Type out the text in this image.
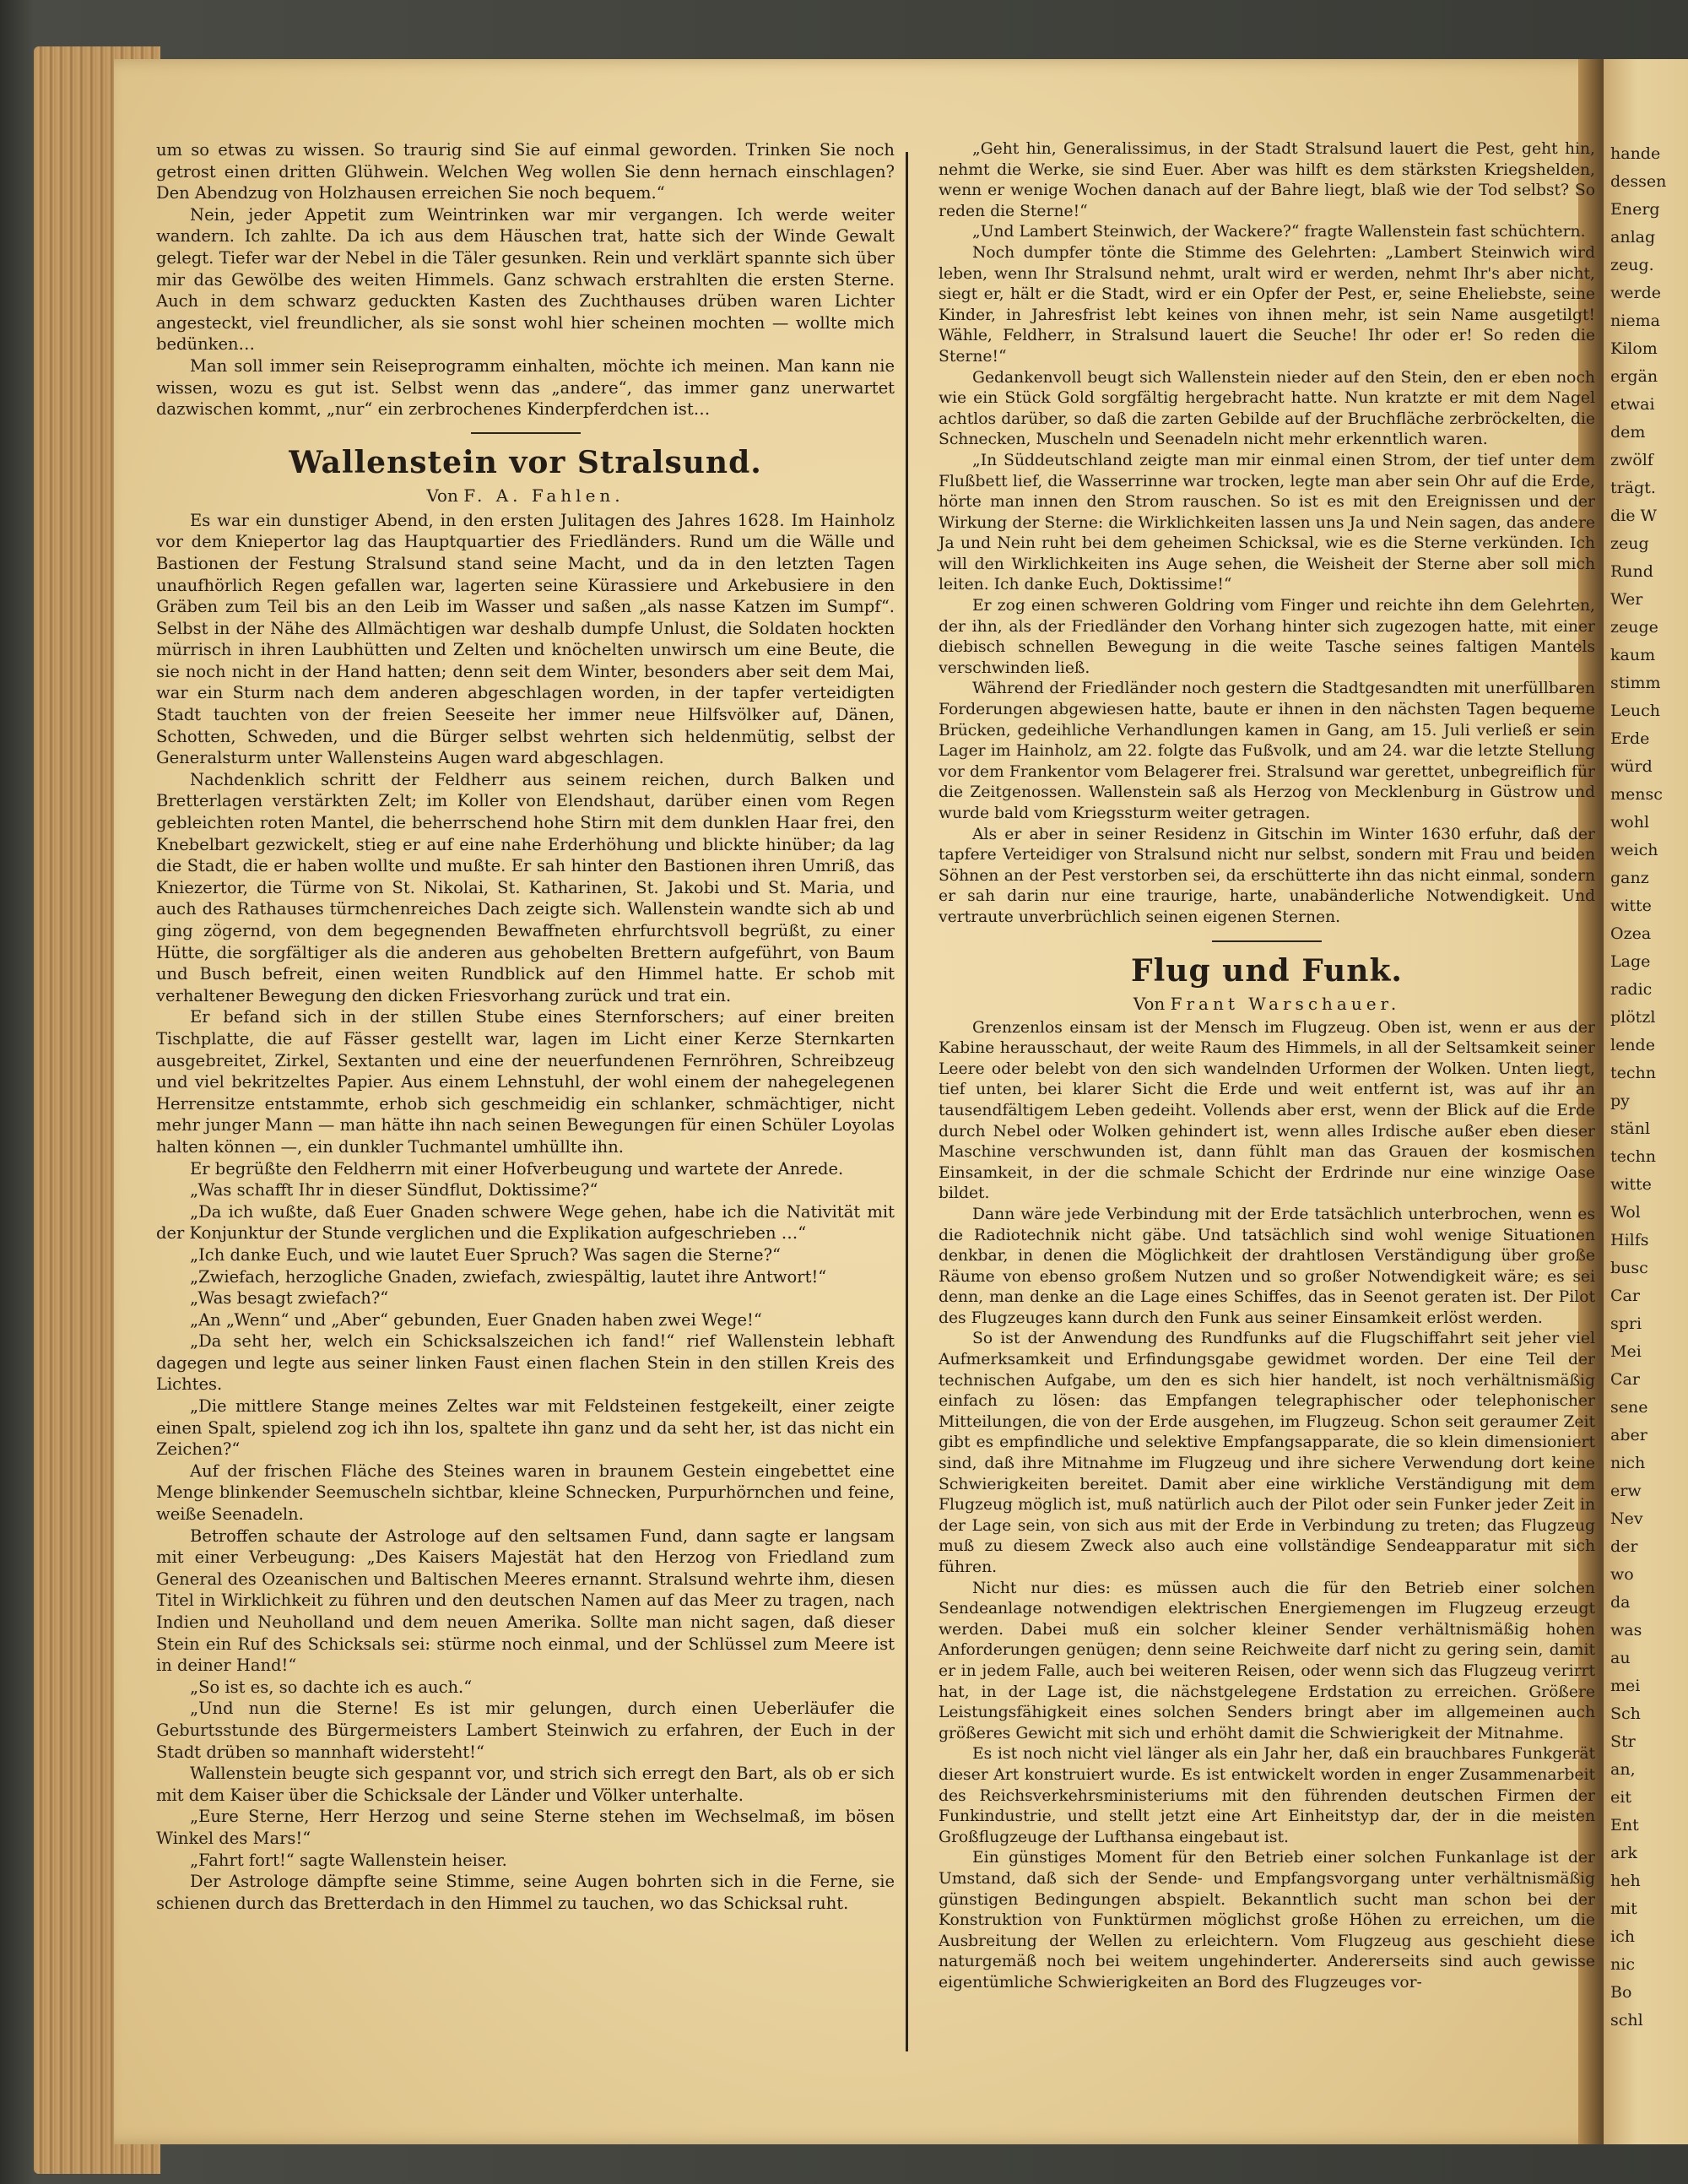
hande
dessen
Energ
anlag
zeug.
werde
niema
Kilom
ergän
etwai
dem
zwölf
trägt.
die W
zeug
Rund
Wer
zeuge
kaum
stimm
Leuch
Erde
würd
mensc
wohl
weich
ganz
witte
Ozea
Lage
radic
plötzl
lende
techn
py
stänl
techn
witte
Wol
Hilfs
busc
Car
spri
Mei
Car
sene
aber
nich
erw
Nev
der
wo
da
was
au
mei
Sch
Str
an,
eit
Ent
ark
heh
mit
ich
nic
Bo
schl

um so etwas zu wissen. So traurig sind Sie auf einmal geworden. Trinken Sie noch getrost einen dritten Glühwein. Welchen Weg wollen Sie denn hernach einschlagen? Den Abendzug von Holzhausen erreichen Sie noch bequem.“

Nein, jeder Appetit zum Weintrinken war mir vergangen. Ich werde weiter wandern. Ich zahlte. Da ich aus dem Häuschen trat, hatte sich der Winde Gewalt gelegt. Tiefer war der Nebel in die Täler gesunken. Rein und verklärt spannte sich über mir das Gewölbe des weiten Himmels. Ganz schwach erstrahlten die ersten Sterne. Auch in dem schwarz geduckten Kasten des Zuchthauses drüben waren Lichter angesteckt, viel freundlicher, als sie sonst wohl hier scheinen mochten — wollte mich bedünken…

Man soll immer sein Reiseprogramm einhalten, möchte ich meinen. Man kann nie wissen, wozu es gut ist. Selbst wenn das „andere“, das immer ganz unerwartet dazwischen kommt, „nur“ ein zerbrochenes Kinderpferdchen ist…

Wallenstein vor Stralsund.
Von F. A. Fahlen.

Es war ein dunstiger Abend, in den ersten Julitagen des Jahres 1628. Im Hainholz vor dem Kniepertor lag das Hauptquartier des Friedländers. Rund um die Wälle und Bastionen der Festung Stralsund stand seine Macht, und da in den letzten Tagen unaufhörlich Regen gefallen war, lagerten seine Kürassiere und Arkebusiere in den Gräben zum Teil bis an den Leib im Wasser und saßen „als nasse Katzen im Sumpf“. Selbst in der Nähe des Allmächtigen war deshalb dumpfe Unlust, die Soldaten hockten mürrisch in ihren Laubhütten und Zelten und knöchelten unwirsch um eine Beute, die sie noch nicht in der Hand hatten; denn seit dem Winter, besonders aber seit dem Mai, war ein Sturm nach dem anderen abgeschlagen worden, in der tapfer verteidigten Stadt tauchten von der freien Seeseite her immer neue Hilfsvölker auf, Dänen, Schotten, Schweden, und die Bürger selbst wehrten sich heldenmütig, selbst der Generalsturm unter Wallensteins Augen ward abgeschlagen.

Nachdenklich schritt der Feldherr aus seinem reichen, durch Balken und Bretterlagen verstärkten Zelt; im Koller von Elendshaut, darüber einen vom Regen gebleichten roten Mantel, die beherrschend hohe Stirn mit dem dunklen Haar frei, den Knebelbart gezwickelt, stieg er auf eine nahe Erderhöhung und blickte hinüber; da lag die Stadt, die er haben wollte und mußte. Er sah hinter den Bastionen ihren Umriß, das Kniezertor, die Türme von St. Nikolai, St. Katharinen, St. Jakobi und St. Maria, und auch des Rathauses türmchenreiches Dach zeigte sich. Wallenstein wandte sich ab und ging zögernd, von dem begegnenden Bewaffneten ehrfurchtsvoll begrüßt, zu einer Hütte, die sorgfältiger als die anderen aus gehobelten Brettern aufgeführt, von Baum und Busch befreit, einen weiten Rundblick auf den Himmel hatte. Er schob mit verhaltener Bewegung den dicken Friesvorhang zurück und trat ein.

Er befand sich in der stillen Stube eines Sternforschers; auf einer breiten Tischplatte, die auf Fässer gestellt war, lagen im Licht einer Kerze Sternkarten ausgebreitet, Zirkel, Sextanten und eine der neuerfundenen Fernröhren, Schreibzeug und viel bekritzeltes Papier. Aus einem Lehnstuhl, der wohl einem der nahegelegenen Herrensitze entstammte, erhob sich geschmeidig ein schlanker, schmächtiger, nicht mehr junger Mann — man hätte ihn nach seinen Bewegungen für einen Schüler Loyolas halten können —, ein dunkler Tuchmantel umhüllte ihn.

Er begrüßte den Feldherrn mit einer Hofverbeugung und wartete der Anrede.

„Was schafft Ihr in dieser Sündflut, Doktissime?“

„Da ich wußte, daß Euer Gnaden schwere Wege gehen, habe ich die Nativität mit der Konjunktur der Stunde verglichen und die Explikation aufgeschrieben …“

„Ich danke Euch, und wie lautet Euer Spruch? Was sagen die Sterne?“

„Zwiefach, herzogliche Gnaden, zwiefach, zwiespältig, lautet ihre Antwort!“

„Was besagt zwiefach?“

„An „Wenn“ und „Aber“ gebunden, Euer Gnaden haben zwei Wege!“

„Da seht her, welch ein Schicksalszeichen ich fand!“ rief Wallenstein lebhaft dagegen und legte aus seiner linken Faust einen flachen Stein in den stillen Kreis des Lichtes.

„Die mittlere Stange meines Zeltes war mit Feldsteinen festgekeilt, einer zeigte einen Spalt, spielend zog ich ihn los, spaltete ihn ganz und da seht her, ist das nicht ein Zeichen?“

Auf der frischen Fläche des Steines waren in braunem Gestein eingebettet eine Menge blinkender Seemuscheln sichtbar, kleine Schnecken, Purpurhörnchen und feine, weiße Seenadeln.

Betroffen schaute der Astrologe auf den seltsamen Fund, dann sagte er langsam mit einer Verbeugung: „Des Kaisers Majestät hat den Herzog von Friedland zum General des Ozeanischen und Baltischen Meeres ernannt. Stralsund wehrte ihm, diesen Titel in Wirklichkeit zu führen und den deutschen Namen auf das Meer zu tragen, nach Indien und Neuholland und dem neuen Amerika. Sollte man nicht sagen, daß dieser Stein ein Ruf des Schicksals sei: stürme noch einmal, und der Schlüssel zum Meere ist in deiner Hand!“

„So ist es, so dachte ich es auch.“

„Und nun die Sterne! Es ist mir gelungen, durch einen Ueberläufer die Geburtsstunde des Bürgermeisters Lambert Steinwich zu erfahren, der Euch in der Stadt drüben so mannhaft widersteht!“

Wallenstein beugte sich gespannt vor, und strich sich erregt den Bart, als ob er sich mit dem Kaiser über die Schicksale der Länder und Völker unterhalte.

„Eure Sterne, Herr Herzog und seine Sterne stehen im Wechselmaß, im bösen Winkel des Mars!“

„Fahrt fort!“ sagte Wallenstein heiser.

Der Astrologe dämpfte seine Stimme, seine Augen bohrten sich in die Ferne, sie schienen durch das Bretterdach in den Himmel zu tauchen, wo das Schicksal ruht.

„Geht hin, Generalissimus, in der Stadt Stralsund lauert die Pest, geht hin, nehmt die Werke, sie sind Euer. Aber was hilft es dem stärksten Kriegshelden, wenn er wenige Wochen danach auf der Bahre liegt, blaß wie der Tod selbst? So reden die Sterne!“

„Und Lambert Steinwich, der Wackere?“ fragte Wallenstein fast schüchtern.

Noch dumpfer tönte die Stimme des Gelehrten: „Lambert Steinwich wird leben, wenn Ihr Stralsund nehmt, uralt wird er werden, nehmt Ihr's aber nicht, siegt er, hält er die Stadt, wird er ein Opfer der Pest, er, seine Eheliebste, seine Kinder, in Jahresfrist lebt keines von ihnen mehr, ist sein Name ausgetilgt! Wähle, Feldherr, in Stralsund lauert die Seuche! Ihr oder er! So reden die Sterne!“

Gedankenvoll beugt sich Wallenstein nieder auf den Stein, den er eben noch wie ein Stück Gold sorgfältig hergebracht hatte. Nun kratzte er mit dem Nagel achtlos darüber, so daß die zarten Gebilde auf der Bruchfläche zerbröckelten, die Schnecken, Muscheln und Seenadeln nicht mehr erkenntlich waren.

„In Süddeutschland zeigte man mir einmal einen Strom, der tief unter dem Flußbett lief, die Wasserrinne war trocken, legte man aber sein Ohr auf die Erde, hörte man innen den Strom rauschen. So ist es mit den Ereignissen und der Wirkung der Sterne: die Wirklichkeiten lassen uns Ja und Nein sagen, das andere Ja und Nein ruht bei dem geheimen Schicksal, wie es die Sterne verkünden. Ich will den Wirklichkeiten ins Auge sehen, die Weisheit der Sterne aber soll mich leiten. Ich danke Euch, Doktissime!“

Er zog einen schweren Goldring vom Finger und reichte ihn dem Gelehrten, der ihn, als der Friedländer den Vorhang hinter sich zugezogen hatte, mit einer diebisch schnellen Bewegung in die weite Tasche seines faltigen Mantels verschwinden ließ.

Während der Friedländer noch gestern die Stadtgesandten mit unerfüllbaren Forderungen abgewiesen hatte, baute er ihnen in den nächsten Tagen bequeme Brücken, gedeihliche Verhandlungen kamen in Gang, am 15. Juli verließ er sein Lager im Hainholz, am 22. folgte das Fußvolk, und am 24. war die letzte Stellung vor dem Frankentor vom Belagerer frei. Stralsund war gerettet, unbegreiflich für die Zeitgenossen. Wallenstein saß als Herzog von Mecklenburg in Güstrow und wurde bald vom Kriegssturm weiter getragen.

Als er aber in seiner Residenz in Gitschin im Winter 1630 erfuhr, daß der tapfere Verteidiger von Stralsund nicht nur selbst, sondern mit Frau und beiden Söhnen an der Pest verstorben sei, da erschütterte ihn das nicht einmal, sondern er sah darin nur eine traurige, harte, unabänderliche Notwendigkeit. Und vertraute unverbrüchlich seinen eigenen Sternen.

Flug und Funk.
Von Frant Warschauer.

Grenzenlos einsam ist der Mensch im Flugzeug. Oben ist, wenn er aus der Kabine herausschaut, der weite Raum des Himmels, in all der Seltsamkeit seiner Leere oder belebt von den sich wandelnden Urformen der Wolken. Unten liegt, tief unten, bei klarer Sicht die Erde und weit entfernt ist, was auf ihr an tausendfältigem Leben gedeiht. Vollends aber erst, wenn der Blick auf die Erde durch Nebel oder Wolken gehindert ist, wenn alles Irdische außer eben dieser Maschine verschwunden ist, dann fühlt man das Grauen der kosmischen Einsamkeit, in der die schmale Schicht der Erdrinde nur eine winzige Oase bildet.

Dann wäre jede Verbindung mit der Erde tatsächlich unterbrochen, wenn es die Radiotechnik nicht gäbe. Und tatsächlich sind wohl wenige Situationen denkbar, in denen die Möglichkeit der drahtlosen Verständigung über große Räume von ebenso großem Nutzen und so großer Notwendigkeit wäre; es sei denn, man denke an die Lage eines Schiffes, das in Seenot geraten ist. Der Pilot des Flugzeuges kann durch den Funk aus seiner Einsamkeit erlöst werden.

So ist der Anwendung des Rundfunks auf die Flugschiffahrt seit jeher viel Aufmerksamkeit und Erfindungsgabe gewidmet worden. Der eine Teil der technischen Aufgabe, um den es sich hier handelt, ist noch verhältnismäßig einfach zu lösen: das Empfangen telegraphischer oder telephonischer Mitteilungen, die von der Erde ausgehen, im Flugzeug. Schon seit geraumer Zeit gibt es empfindliche und selektive Empfangsapparate, die so klein dimensioniert sind, daß ihre Mitnahme im Flugzeug und ihre sichere Verwendung dort keine Schwierigkeiten bereitet. Damit aber eine wirkliche Verständigung mit dem Flugzeug möglich ist, muß natürlich auch der Pilot oder sein Funker jeder Zeit in der Lage sein, von sich aus mit der Erde in Verbindung zu treten; das Flugzeug muß zu diesem Zweck also auch eine vollständige Sendeapparatur mit sich führen.

Nicht nur dies: es müssen auch die für den Betrieb einer solchen Sendeanlage notwendigen elektrischen Energiemengen im Flugzeug erzeugt werden. Dabei muß ein solcher kleiner Sender verhältnismäßig hohen Anforderungen genügen; denn seine Reichweite darf nicht zu gering sein, damit er in jedem Falle, auch bei weiteren Reisen, oder wenn sich das Flugzeug verirrt hat, in der Lage ist, die nächstgelegene Erdstation zu erreichen. Größere Leistungsfähigkeit eines solchen Senders bringt aber im allgemeinen auch größeres Gewicht mit sich und erhöht damit die Schwierigkeit der Mitnahme.

Es ist noch nicht viel länger als ein Jahr her, daß ein brauchbares Funkgerät dieser Art konstruiert wurde. Es ist entwickelt worden in enger Zusammenarbeit des Reichsverkehrsministeriums mit den führenden deutschen Firmen der Funkindustrie, und stellt jetzt eine Art Einheitstyp dar, der in die meisten Großflugzeuge der Lufthansa eingebaut ist.

Ein günstiges Moment für den Betrieb einer solchen Funkanlage ist der Umstand, daß sich der Sende- und Empfangsvorgang unter verhältnismäßig günstigen Bedingungen abspielt. Bekanntlich sucht man schon bei der Konstruktion von Funktürmen möglichst große Höhen zu erreichen, um die Ausbreitung der Wellen zu erleichtern. Vom Flugzeug aus geschieht diese naturgemäß noch bei weitem ungehinderter. Andererseits sind auch gewisse eigentümliche Schwierigkeiten an Bord des Flugzeuges vor-
